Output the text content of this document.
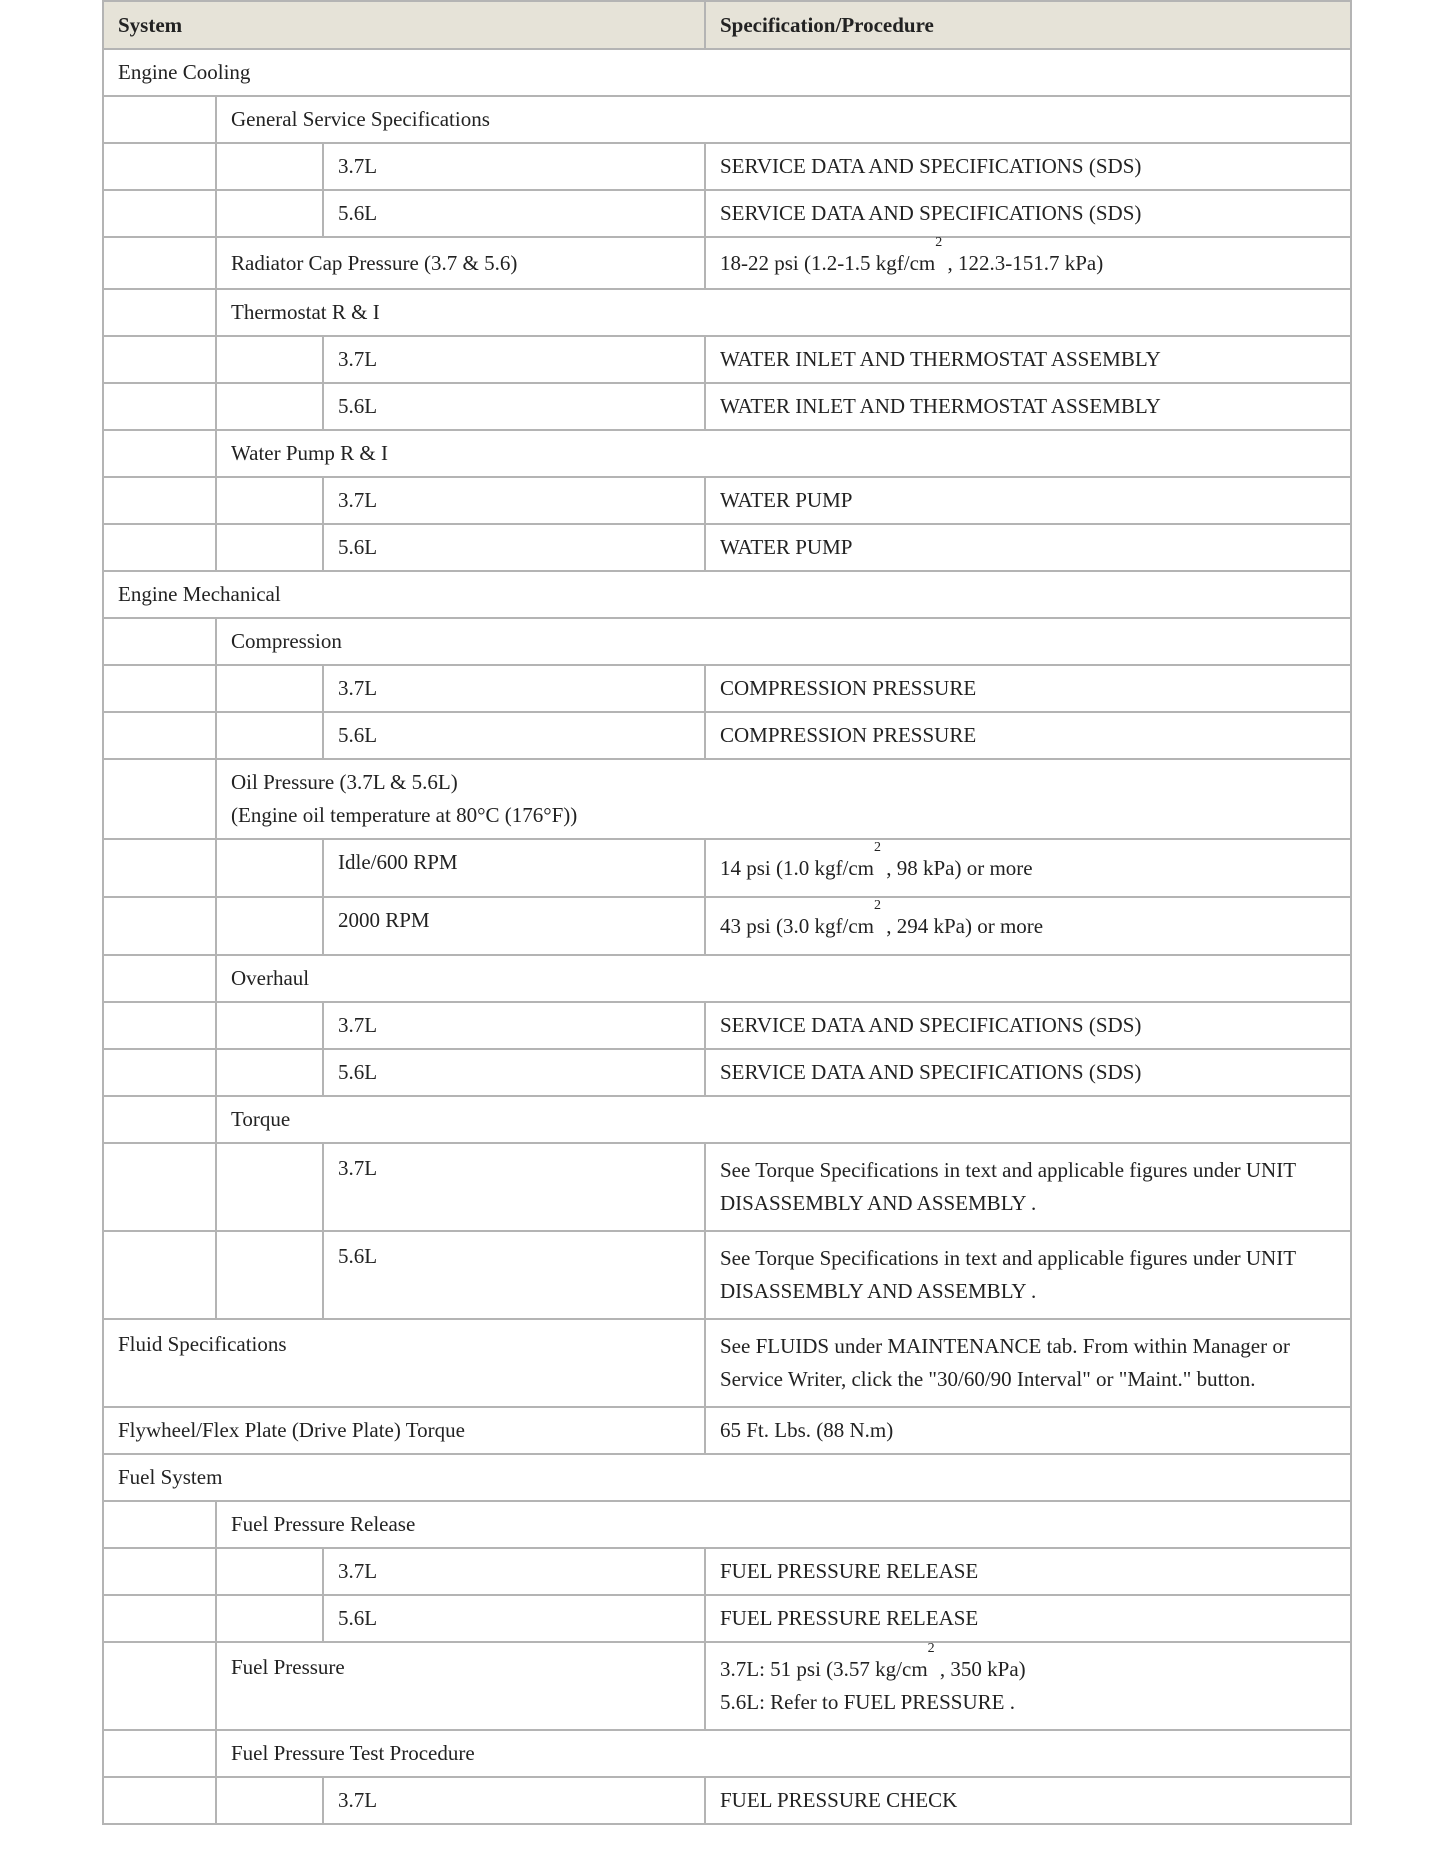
System			Specification/Procedure
Engine Cooling			
	General Service Specifications		
		3.7L	SERVICE DATA AND SPECIFICATIONS (SDS)
		5.6L	SERVICE DATA AND SPECIFICATIONS (SDS)
	Radiator Cap Pressure (3.7 & 5.6)		18-22 psi (1.2-1.5 kgf/$cm^2$ , 122.3-151.7 kPa)
	Thermostat R & I		
		3.7L	WATER INLET AND THERMOSTAT ASSEMBLY
		5.6L	WATER INLET AND THERMOSTAT ASSEMBLY
	Water Pump R & I		
		3.7L	WATER PUMP
		5.6L	WATER PUMP
Engine Mechanical			
	Compression		
		3.7L	COMPRESSION PRESSURE
		5.6L	COMPRESSION PRESSURE

	Oil Pressure (3.7L & 5.6L)
(Engine oil temperature at 80°C (176°F))		

		Idle/600 RPM	14 psi (1.0 kgf/$cm^2$ , 98 kPa) or more
		2000 RPM	43 psi (3.0 kgf/$cm^2$ , 294 kPa) or more
	Overhaul		
		3.7L	SERVICE DATA AND SPECIFICATIONS (SDS)
		5.6L	SERVICE DATA AND SPECIFICATIONS (SDS)
	Torque		
		3.7L	See Torque Specifications in text and applicable figures under UNIT DISASSEMBLY AND ASSEMBLY .
		5.6L	See Torque Specifications in text and applicable figures under UNIT DISASSEMBLY AND ASSEMBLY .
Fluid Specifications			See FLUIDS under MAINTENANCE tab. From within Manager or Service Writer, click the "30/60/90 Interval" or "Maint." button.
Flywheel/Flex Plate (Drive Plate) Torque			65 Ft. Lbs. (88 N.m)
Fuel System			
	Fuel Pressure Release		
		3.7L	FUEL PRESSURE RELEASE
		5.6L	FUEL PRESSURE RELEASE
	Fuel Pressure		3.7L: 51 psi (3.57 $kg/cm^2$ , 350 kPa)
5.6L: Refer to FUEL PRESSURE .

	Fuel Pressure Test Procedure		
		3.7L	FUEL PRESSURE CHECK
